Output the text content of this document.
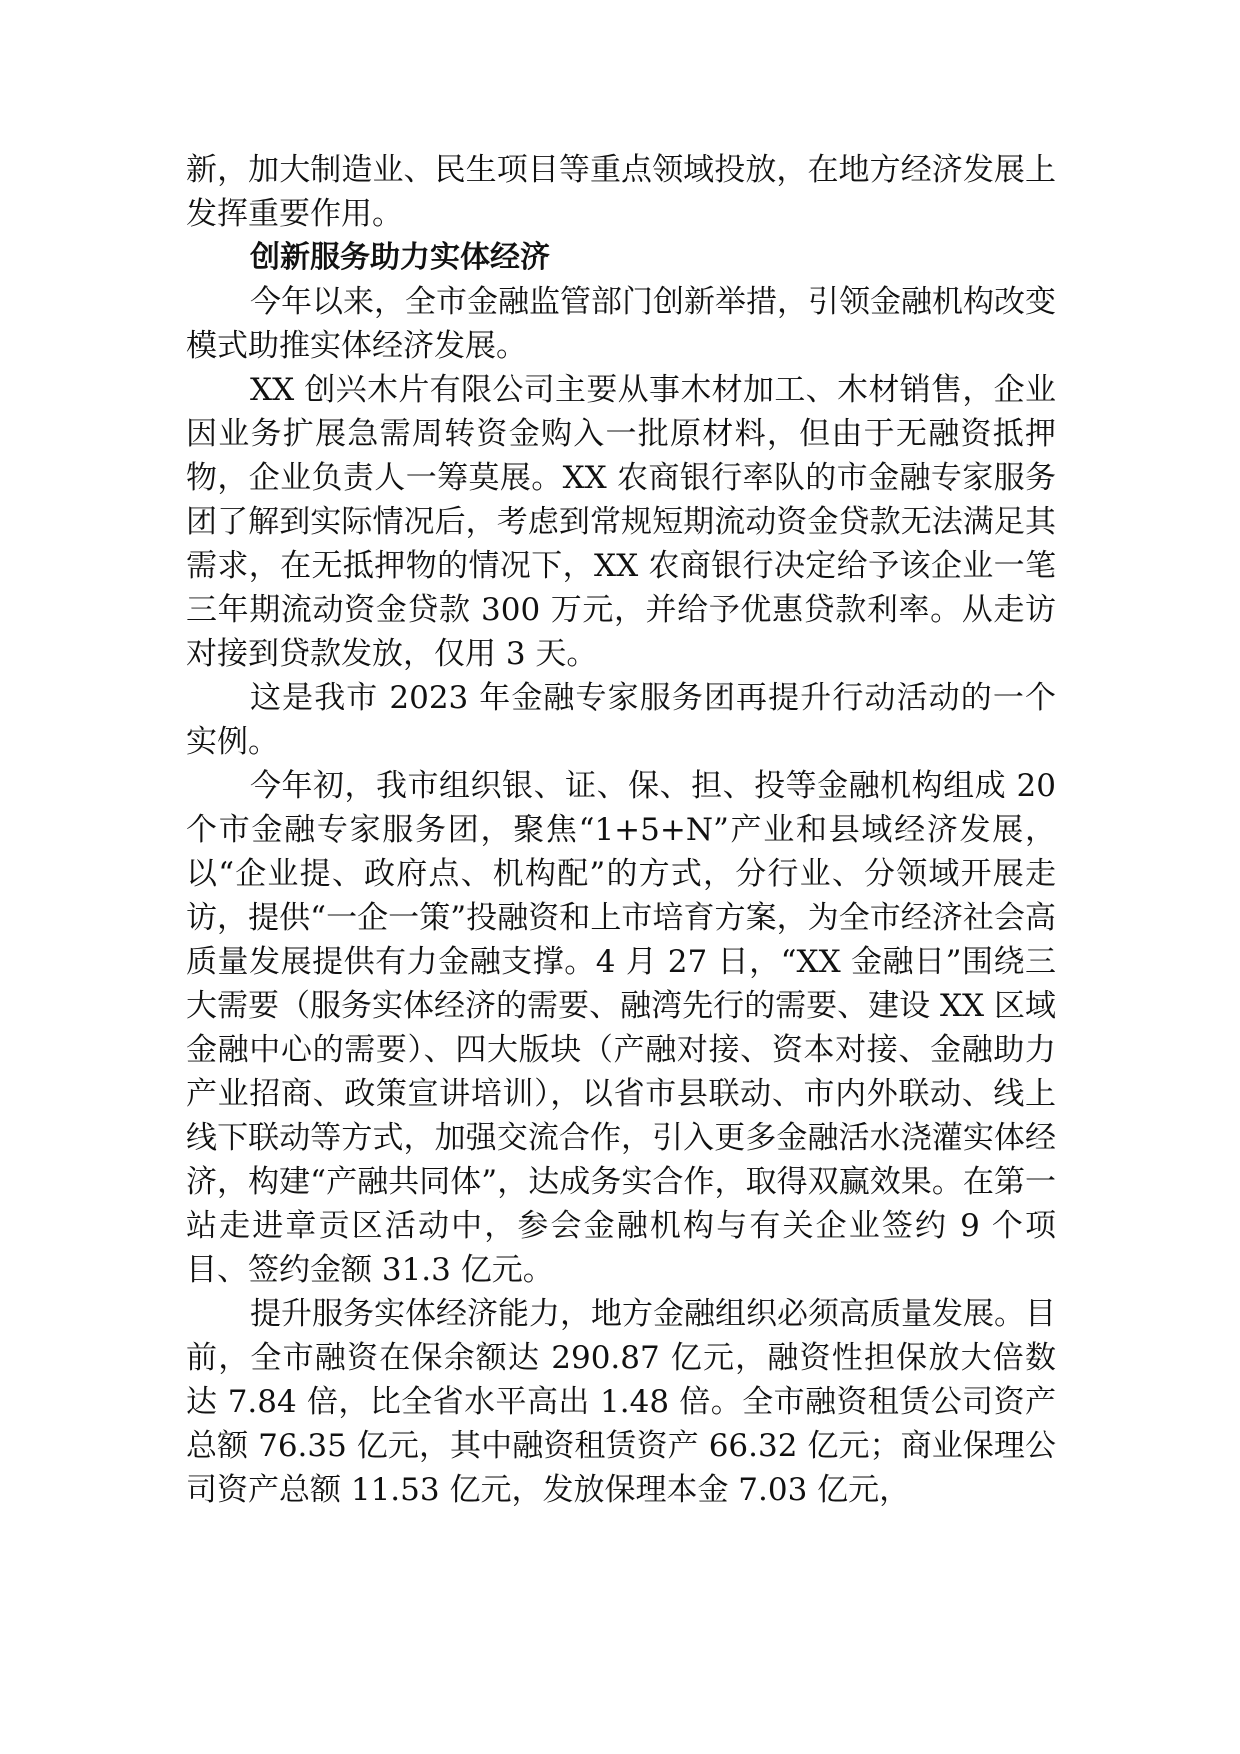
新，加大制造业、民生项目等重点领域投放，在地方经济发展上发挥重要作用。

创新服务助力实体经济

今年以来，全市金融监管部门创新举措，引领金融机构改变模式助推实体经济发展。

XX 创兴木片有限公司主要从事木材加工、木材销售，企业因业务扩展急需周转资金购入一批原材料，但由于无融资抵押物，企业负责人一筹莫展。XX 农商银行率队的市金融专家服务团了解到实际情况后，考虑到常规短期流动资金贷款无法满足其需求，在无抵押物的情况下，XX 农商银行决定给予该企业一笔三年期流动资金贷款 300 万元，并给予优惠贷款利率。从走访对接到贷款发放，仅用 3 天。

这是我市 2023 年金融专家服务团再提升行动活动的一个实例。

今年初，我市组织银、证、保、担、投等金融机构组成 20 个市金融专家服务团，聚焦“1+5+N”产业和县域经济发展，以“企业提、政府点、机构配”的方式，分行业、分领域开展走访，提供“一企一策”投融资和上市培育方案，为全市经济社会高质量发展提供有力金融支撑。4 月 27 日，“XX 金融日”围绕三大需要（服务实体经济的需要、融湾先行的需要、建设 XX 区域金融中心的需要）、四大版块（产融对接、资本对接、金融助力产业招商、政策宣讲培训），以省市县联动、市内外联动、线上线下联动等方式，加强交流合作，引入更多金融活水浇灌实体经济，构建“产融共同体”，达成务实合作，取得双赢效果。在第一站走进章贡区活动中，参会金融机构与有关企业签约 9 个项目、签约金额 31.3 亿元。

提升服务实体经济能力，地方金融组织必须高质量发展。目前，全市融资在保余额达 290.87 亿元，融资性担保放大倍数达 7.84 倍，比全省水平高出 1.48 倍。全市融资租赁公司资产总额 76.35 亿元，其中融资租赁资产 66.32 亿元；商业保理公司资产总额 11.53 亿元，发放保理本金 7.03 亿元，
